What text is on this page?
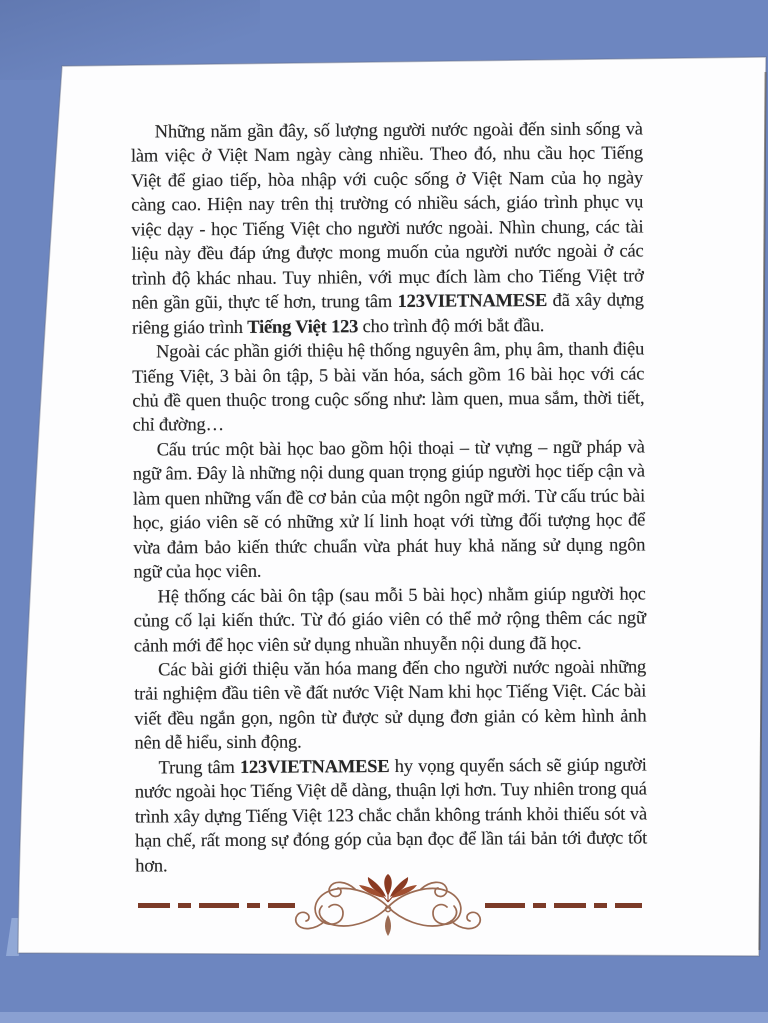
Những năm gần đây, số lượng người nước ngoài đến sinh sống và làm việc ở Việt Nam ngày càng nhiều. Theo đó, nhu cầu học Tiếng Việt để giao tiếp, hòa nhập với cuộc sống ở Việt Nam của họ ngày càng cao. Hiện nay trên thị trường có nhiều sách, giáo trình phục vụ việc dạy - học Tiếng Việt cho người nước ngoài. Nhìn chung, các tài liệu này đều đáp ứng được mong muốn của người nước ngoài ở các trình độ khác nhau. Tuy nhiên, với mục đích làm cho Tiếng Việt trở nên gần gũi, thực tế hơn, trung tâm 123VIETNAMESE đã xây dựng riêng giáo trình Tiếng Việt 123 cho trình độ mới bắt đầu.

Ngoài các phần giới thiệu hệ thống nguyên âm, phụ âm, thanh điệu Tiếng Việt, 3 bài ôn tập, 5 bài văn hóa, sách gồm 16 bài học với các chủ đề quen thuộc trong cuộc sống như: làm quen, mua sắm, thời tiết, chỉ đường…

Cấu trúc một bài học bao gồm hội thoại – từ vựng – ngữ pháp và ngữ âm. Đây là những nội dung quan trọng giúp người học tiếp cận và làm quen những vấn đề cơ bản của một ngôn ngữ mới. Từ cấu trúc bài học, giáo viên sẽ có những xử lí linh hoạt với từng đối tượng học để vừa đảm bảo kiến thức chuẩn vừa phát huy khả năng sử dụng ngôn ngữ của học viên.

Hệ thống các bài ôn tập (sau mỗi 5 bài học) nhằm giúp người học củng cố lại kiến thức. Từ đó giáo viên có thể mở rộng thêm các ngữ cảnh mới để học viên sử dụng nhuần nhuyễn nội dung đã học.

Các bài giới thiệu văn hóa mang đến cho người nước ngoài những trải nghiệm đầu tiên về đất nước Việt Nam khi học Tiếng Việt. Các bài viết đều ngắn gọn, ngôn từ được sử dụng đơn giản có kèm hình ảnh nên dễ hiểu, sinh động.

Trung tâm 123VIETNAMESE hy vọng quyển sách sẽ giúp người nước ngoài học Tiếng Việt dễ dàng, thuận lợi hơn. Tuy nhiên trong quá trình xây dựng Tiếng Việt 123 chắc chắn không tránh khỏi thiếu sót và hạn chế, rất mong sự đóng góp của bạn đọc để lần tái bản tới được tốt hơn.
